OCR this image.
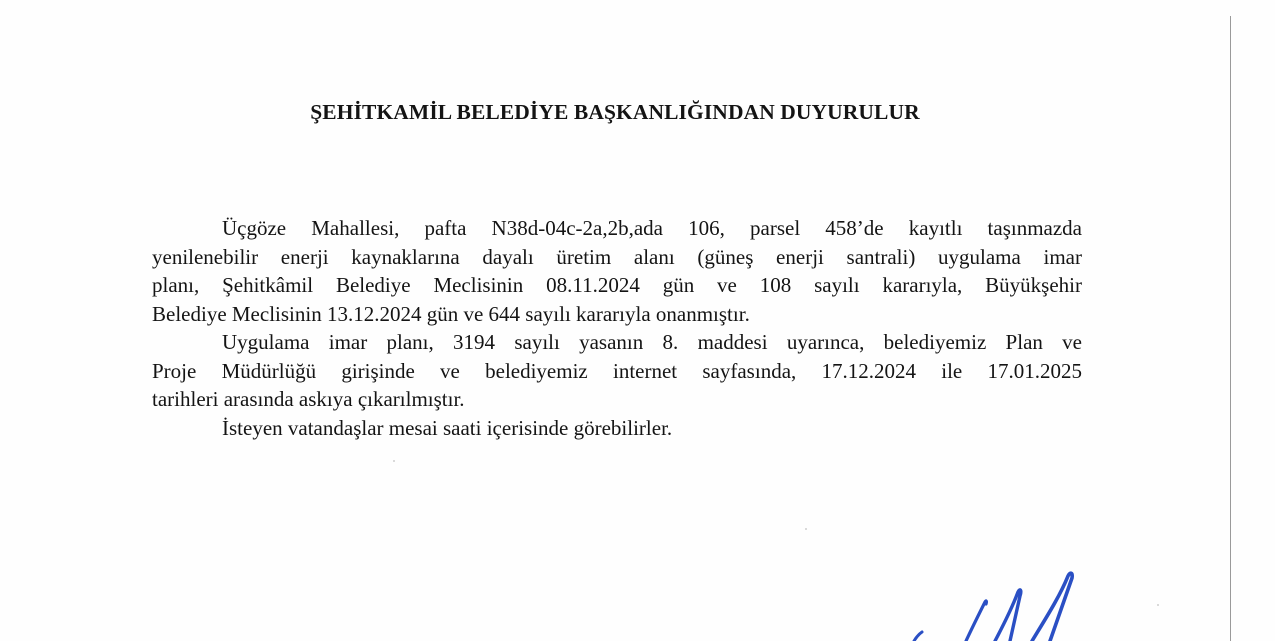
ŞEHİTKAMİL BELEDİYE BAŞKANLIĞINDAN DUYURULUR

Üçgöze Mahallesi, pafta N38d-04c-2a,2b,ada 106, parsel 458’de kayıtlı taşınmazda
yenilenebilir enerji kaynaklarına dayalı üretim alanı (güneş enerji santrali) uygulama imar
planı, Şehitkâmil Belediye Meclisinin 08.11.2024 gün ve 108 sayılı kararıyla, Büyükşehir
Belediye Meclisinin 13.12.2024 gün ve 644 sayılı kararıyla onanmıştır.

Uygulama imar planı, 3194 sayılı yasanın 8. maddesi uyarınca, belediyemiz Plan ve
Proje Müdürlüğü girişinde ve belediyemiz internet sayfasında, 17.12.2024 ile 17.01.2025
tarihleri arasında askıya çıkarılmıştır.

İsteyen vatandaşlar mesai saati içerisinde görebilirler.
